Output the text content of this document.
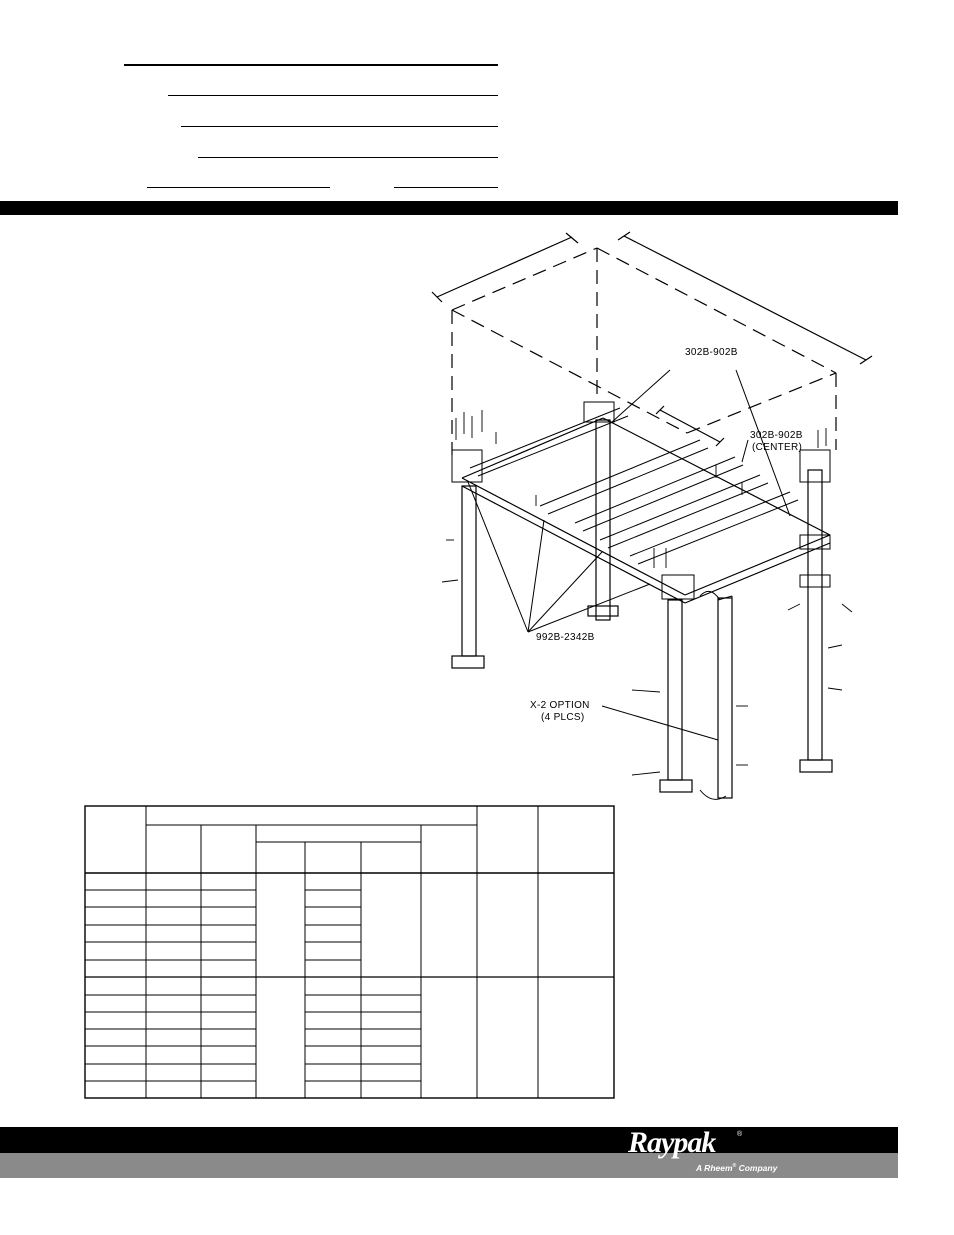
302B-902B
302B-902B
(CENTER)
992B-2342B
X-2 OPTION
(4 PLCS)
Raypak	®
A Rheem® Company
